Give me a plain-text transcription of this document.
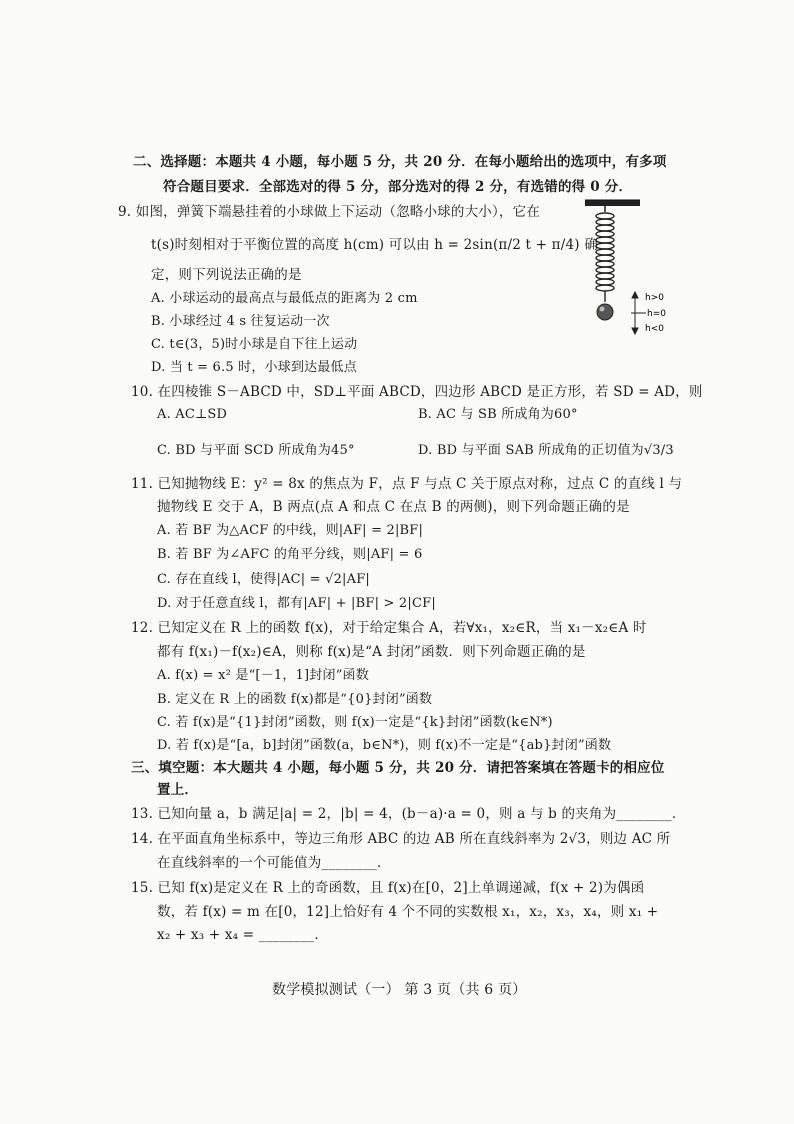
二、选择题：本题共 4 小题，每小题 5 分，共 20 分．在每小题给出的选项中，有多项
符合题目要求．全部选对的得 5 分，部分选对的得 2 分，有选错的得 0 分．
9. 如图，弹簧下端悬挂着的小球做上下运动（忽略小球的大小），它在
t(s)时刻相对于平衡位置的高度 h(cm) 可以由 h = 2sin(π/2 t + π/4) 确
定，则下列说法正确的是
A. 小球运动的最高点与最低点的距离为 2 cm
B. 小球经过 4 s 往复运动一次
C. t∈(3，5)时小球是自下往上运动
D. 当 t = 6.5 时，小球到达最低点
h>0
h=0
h<0
10. 在四棱锥 S－ABCD 中，SD⊥平面 ABCD，四边形 ABCD 是正方形，若 SD = AD，则
A. AC⊥SD	B. AC 与 SB 所成角为60°
C. BD 与平面 SCD 所成角为45°	D. BD 与平面 SAB 所成角的正切值为√3/3
11. 已知抛物线 E：y² = 8x 的焦点为 F，点 F 与点 C 关于原点对称，过点 C 的直线 l 与
抛物线 E 交于 A，B 两点(点 A 和点 C 在点 B 的两侧)，则下列命题正确的是
A. 若 BF 为△ACF 的中线，则|AF| = 2|BF|
B. 若 BF 为∠AFC 的角平分线，则|AF| = 6
C. 存在直线 l，使得|AC| = √2|AF|
D. 对于任意直线 l，都有|AF| + |BF| > 2|CF|
12. 已知定义在 R 上的函数 f(x)，对于给定集合 A，若∀x₁，x₂∈R，当 x₁－x₂∈A 时
都有 f(x₁)－f(x₂)∈A，则称 f(x)是“A 封闭”函数．则下列命题正确的是
A. f(x) = x² 是“[－1，1]封闭”函数
B. 定义在 R 上的函数 f(x)都是“{0}封闭”函数
C. 若 f(x)是“{1}封闭”函数，则 f(x)一定是“{k}封闭”函数(k∈N*)
D. 若 f(x)是“[a，b]封闭”函数(a，b∈N*)，则 f(x)不一定是“{ab}封闭”函数
三、填空题：本大题共 4 小题，每小题 5 分，共 20 分．请把答案填在答题卡的相应位
置上．
13. 已知向量 a，b 满足|a| = 2，|b| = 4，(b－a)·a = 0，则 a 与 b 的夹角为________．
14. 在平面直角坐标系中，等边三角形 ABC 的边 AB 所在直线斜率为 2√3，则边 AC 所
在直线斜率的一个可能值为________．
15. 已知 f(x)是定义在 R 上的奇函数，且 f(x)在[0，2]上单调递减，f(x + 2)为偶函
数，若 f(x) = m 在[0，12]上恰好有 4 个不同的实数根 x₁，x₂，x₃，x₄，则 x₁ +
x₂ + x₃ + x₄ = ________．
数学模拟测试（一） 第 3 页（共 6 页）
